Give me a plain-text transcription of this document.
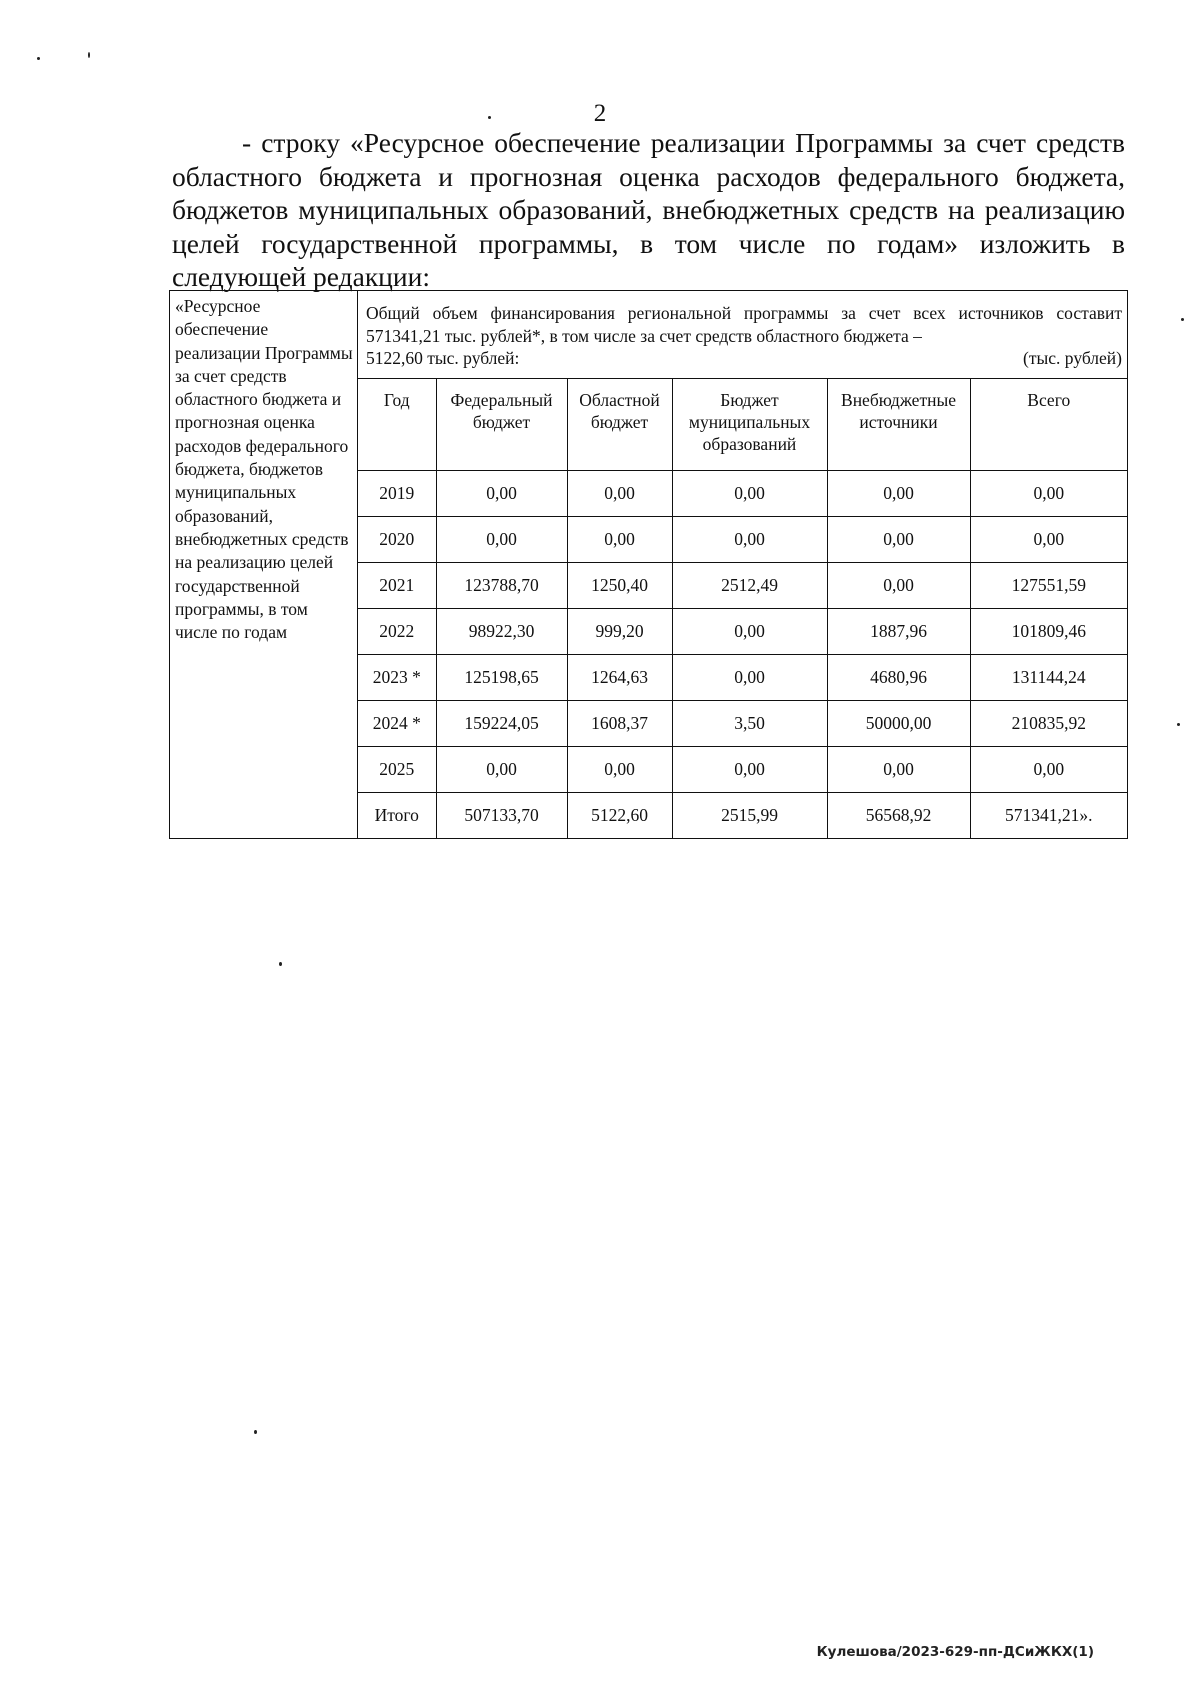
2

- строку «Ресурсное обеспечение реализации Программы за счет средств областного бюджета и прогнозная оценка расходов федерального бюджета, бюджетов муниципальных образований, внебюджетных средств на реализацию целей государственной программы, в том числе по годам» изложить в следующей редакции:

«Ресурсное обеспечение реализации Программы за счет средств областного бюджета и прогнозная оценка расходов федерального бюджета, бюджетов муниципальных образований, внебюджетных средств на реализацию целей государственной программы, в том числе по годам

Общий объем финансирования региональной программы за счет всех источников составит 571341,21 тыс. рублей*, в том числе за счет средств областного бюджета –
5122,60 тыс. рублей:	(тыс. рублей)
Год	Федеральный бюджет	Областной бюджет	Бюджет муниципальных образований	Внебюджетные источники	Всего
2019	0,00	0,00	0,00	0,00	0,00
2020	0,00	0,00	0,00	0,00	0,00
2021	123788,70	1250,40	2512,49	0,00	127551,59
2022	98922,30	999,20	0,00	1887,96	101809,46
2023 *	125198,65	1264,63	0,00	4680,96	131144,24
2024 *	159224,05	1608,37	3,50	50000,00	210835,92
2025	0,00	0,00	0,00	0,00	0,00
Итого	507133,70	5122,60	2515,99	56568,92	571341,21».
Кулешова/2023-629-пп-ДСиЖКХ(1)
